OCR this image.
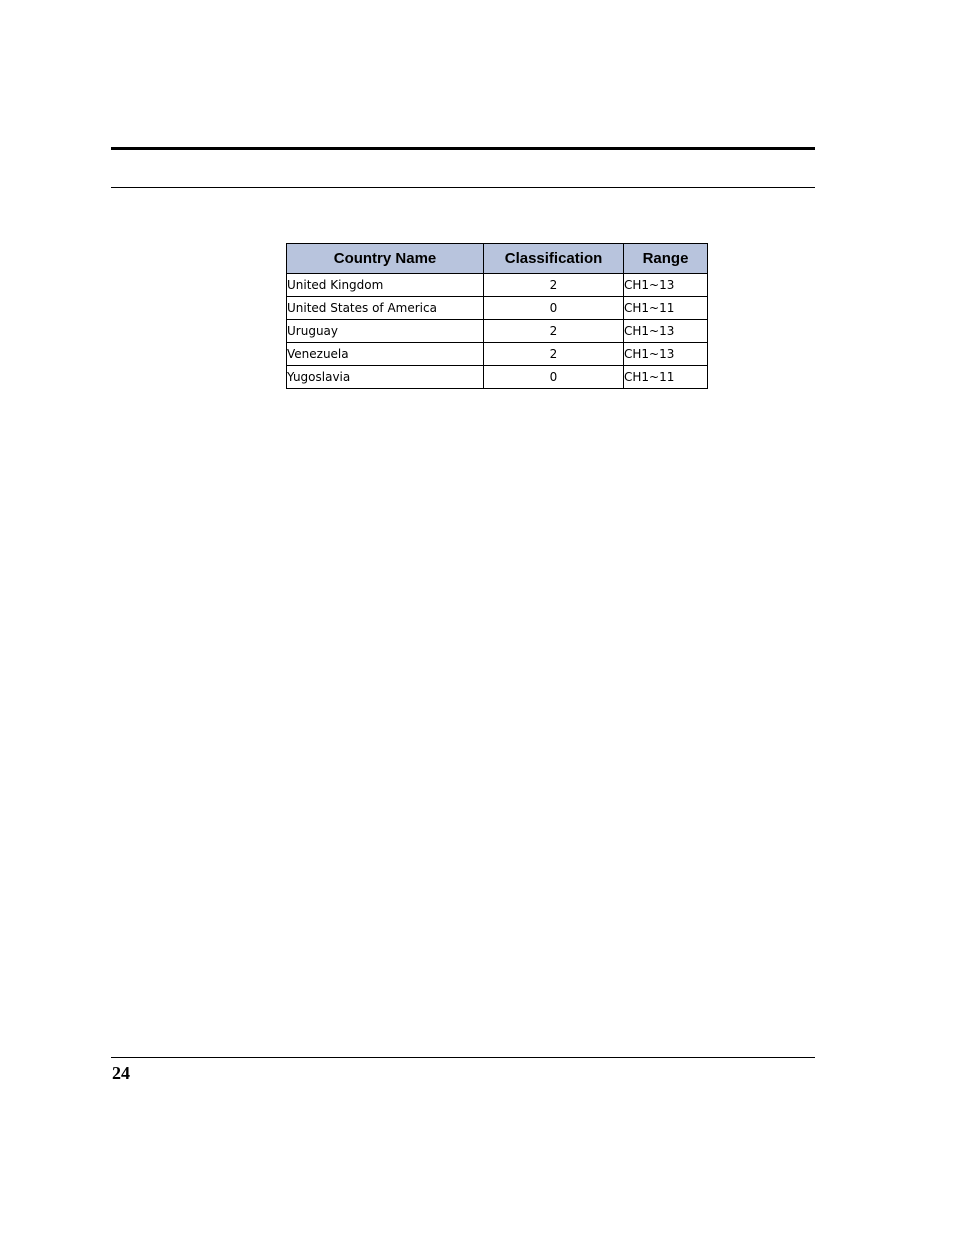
Country Name	Classification	Range
United Kingdom	2	CH1~13
United States of America	0	CH1~11
Uruguay	2	CH1~13
Venezuela	2	CH1~13
Yugoslavia	0	CH1~11
24
